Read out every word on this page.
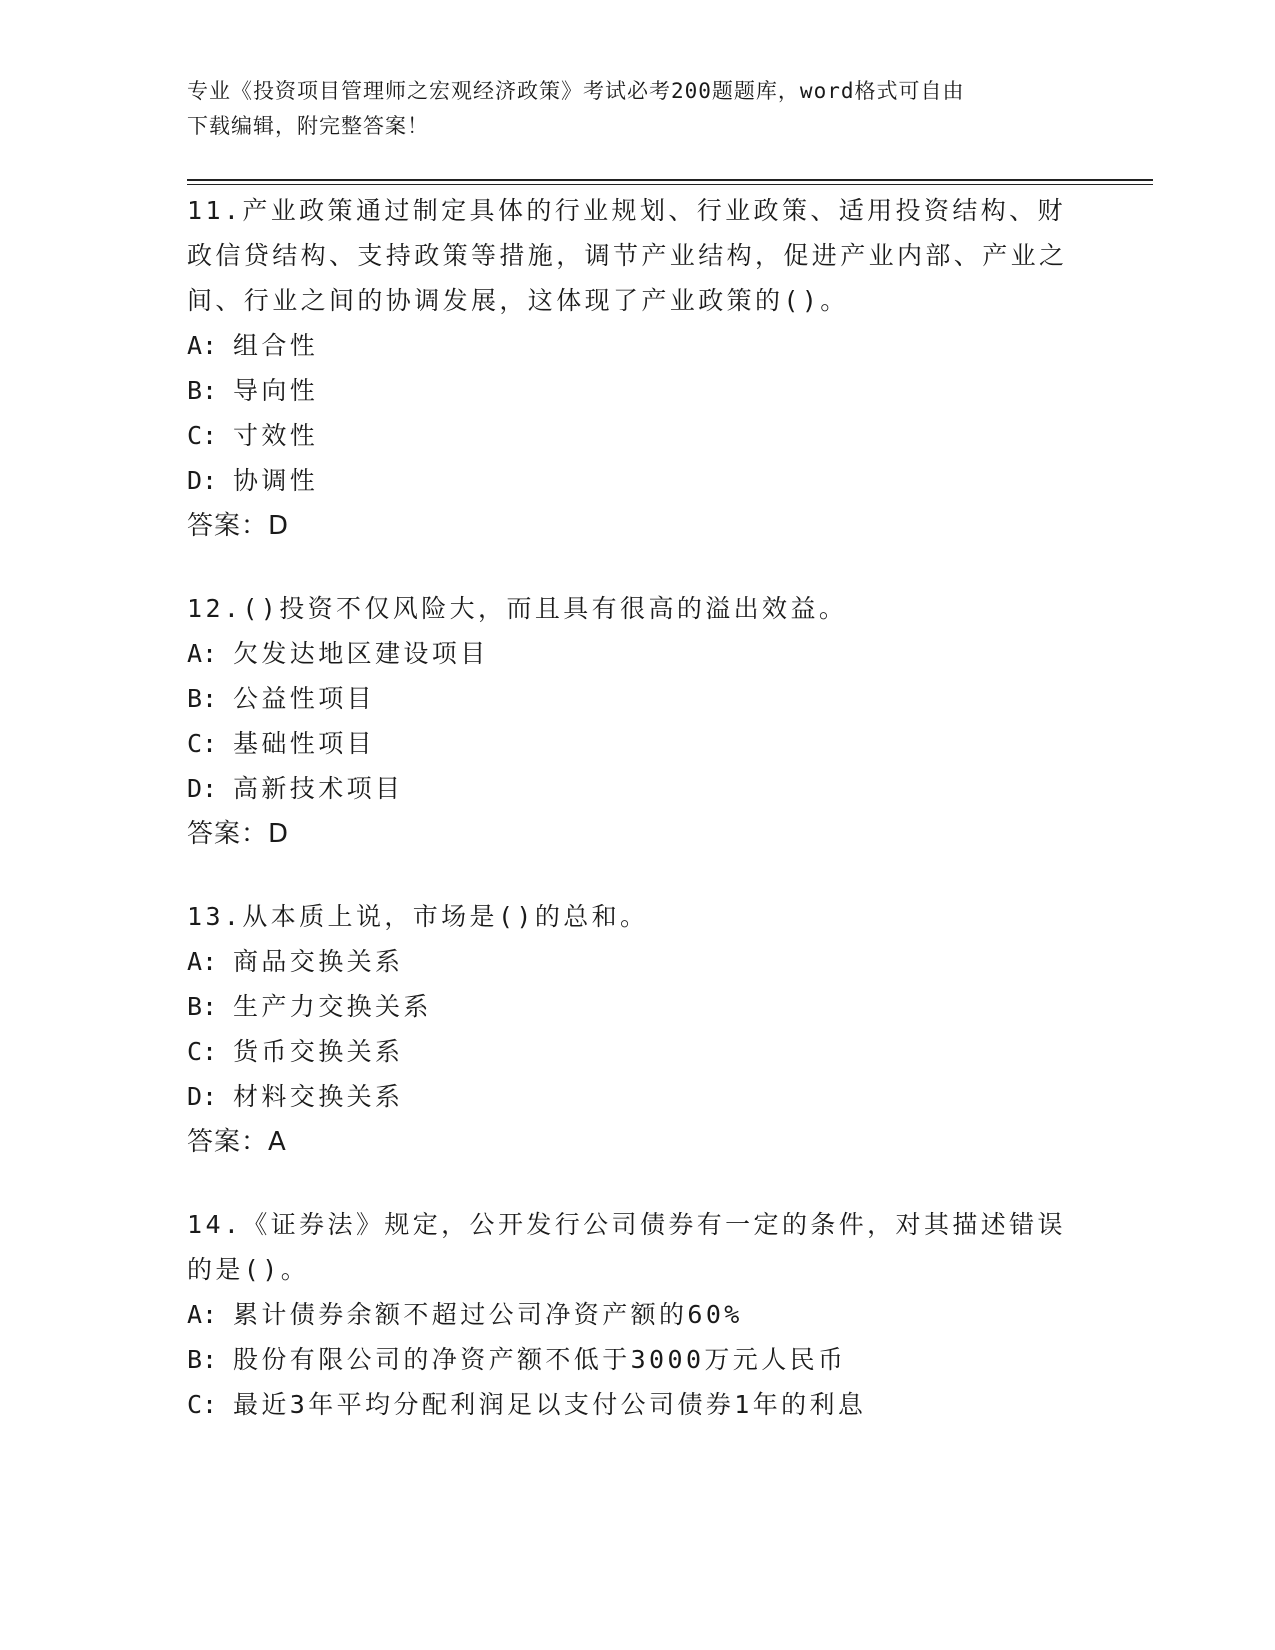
专业《投资项目管理师之宏观经济政策》考试必考200题题库，word格式可自由
下载编辑，附完整答案！
11.产业政策通过制定具体的行业规划、行业政策、适用投资结构、财政信贷结构、支持政策等措施，调节产业结构，促进产业内部、产业之间、行业之间的协调发展，这体现了产业政策的()。
A: 组合性
B: 导向性
C: 寸效性
D: 协调性
答案：D
12.()投资不仅风险大，而且具有很高的溢出效益。
A: 欠发达地区建设项目
B: 公益性项目
C: 基础性项目
D: 高新技术项目
答案：D
13.从本质上说，市场是()的总和。
A: 商品交换关系
B: 生产力交换关系
C: 货币交换关系
D: 材料交换关系
答案：A
14.《证券法》规定，公开发行公司债券有一定的条件，对其描述错误的是()。
A: 累计债券余额不超过公司净资产额的60%
B: 股份有限公司的净资产额不低于3000万元人民币
C: 最近3年平均分配利润足以支付公司债券1年的利息
